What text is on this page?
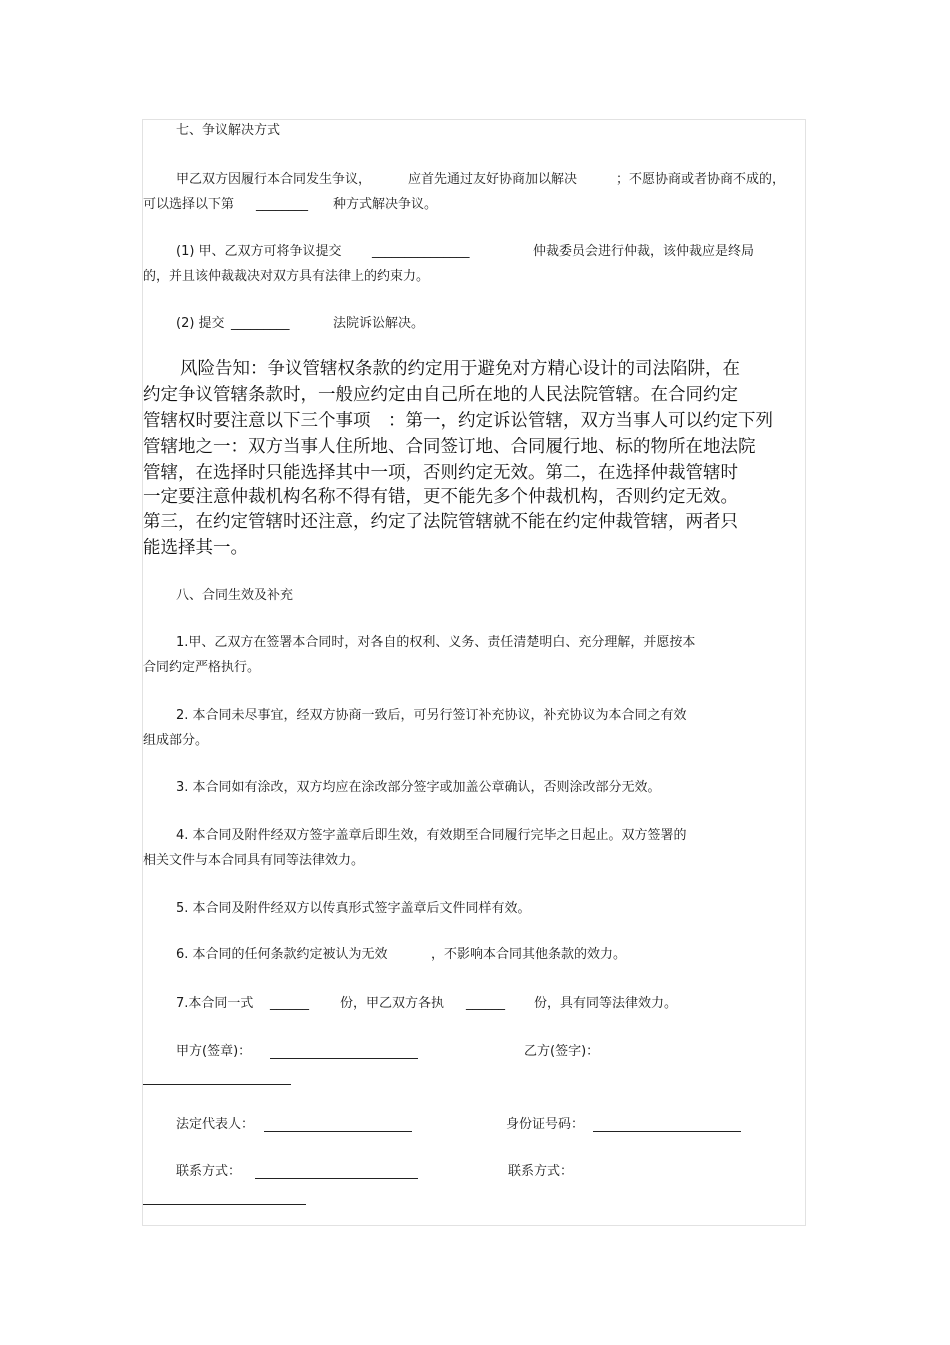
七、争议解决方式
甲乙双方因履行本合同发生争议，	应首先通过友好协商加以解决	；不愿协商或者协商不成的，
可以选择以下第 ________ 种方式解决争议。
(1) 甲、乙双方可将争议提交 _______________	仲裁委员会进行仲裁，该仲裁应是终局
的，并且该仲裁裁决对双方具有法律上的约束力。
(2) 提交 _________	法院诉讼解决。
风险告知：争议管辖权条款的约定用于避免对方精心设计的司法陷阱，在
约定争议管辖条款时，一般应约定由自己所在地的人民法院管辖。在合同约定
管辖权时要注意以下三个事项　：第一，约定诉讼管辖，双方当事人可以约定下列
管辖地之一：双方当事人住所地、合同签订地、合同履行地、标的物所在地法院
管辖，在选择时只能选择其中一项，否则约定无效。第二，在选择仲裁管辖时
一定要注意仲裁机构名称不得有错，更不能先多个仲裁机构，否则约定无效。
第三，在约定管辖时还注意，约定了法院管辖就不能在约定仲裁管辖，两者只
能选择其一。
八、合同生效及补充
1.甲、乙双方在签署本合同时，对各自的权利、义务、责任清楚明白、充分理解，并愿按本
合同约定严格执行。
2. 本合同未尽事宜，经双方协商一致后，可另行签订补充协议，补充协议为本合同之有效
组成部分。
3. 本合同如有涂改，双方均应在涂改部分签字或加盖公章确认，否则涂改部分无效。
4. 本合同及附件经双方签字盖章后即生效，有效期至合同履行完毕之日起止。双方签署的
相关文件与本合同具有同等法律效力。
5. 本合同及附件经双方以传真形式签字盖章后文件同样有效。
6. 本合同的任何条款约定被认为无效	，不影响本合同其他条款的效力。
7.本合同一式 ______ 份，甲乙双方各执 ______ 份，具有同等法律效力。
甲方(签章)：	乙方(签字)：
法定代表人：	身份证号码：
联系方式：	联系方式：
